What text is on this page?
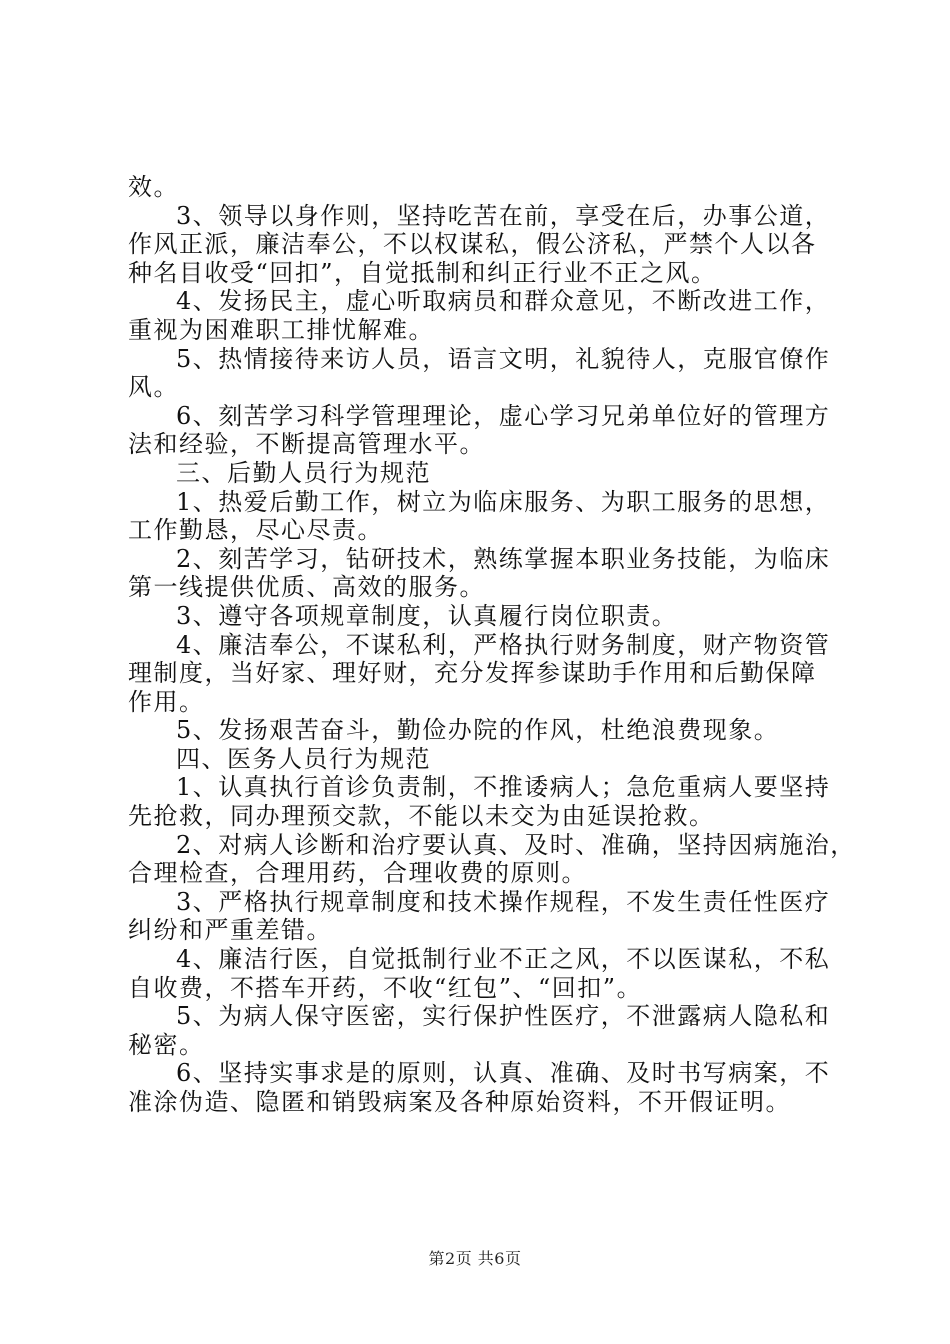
效。
3、领导以身作则，坚持吃苦在前，享受在后，办事公道，
作风正派，廉洁奉公，不以权谋私，假公济私，严禁个人以各
种名目收受“回扣”，自觉抵制和纠正行业不正之风。
4、发扬民主，虚心听取病员和群众意见，不断改进工作，
重视为困难职工排忧解难。
5、热情接待来访人员，语言文明，礼貌待人，克服官僚作
风。
6、刻苦学习科学管理理论，虚心学习兄弟单位好的管理方
法和经验，不断提高管理水平。
三、后勤人员行为规范
1、热爱后勤工作，树立为临床服务、为职工服务的思想，
工作勤恳，尽心尽责。
2、刻苦学习，钻研技术，熟练掌握本职业务技能，为临床
第一线提供优质、高效的服务。
3、遵守各项规章制度，认真履行岗位职责。
4、廉洁奉公，不谋私利，严格执行财务制度，财产物资管
理制度，当好家、理好财，充分发挥参谋助手作用和后勤保障
作用。
5、发扬艰苦奋斗，勤俭办院的作风，杜绝浪费现象。
四、医务人员行为规范
1、认真执行首诊负责制，不推诿病人；急危重病人要坚持
先抢救，同办理预交款，不能以未交为由延误抢救。
2、对病人诊断和治疗要认真、及时、准确，坚持因病施治，
合理检查，合理用药，合理收费的原则。
3、严格执行规章制度和技术操作规程，不发生责任性医疗
纠纷和严重差错。
4、廉洁行医，自觉抵制行业不正之风，不以医谋私，不私
自收费，不搭车开药，不收“红包”、“回扣”。
5、为病人保守医密，实行保护性医疗，不泄露病人隐私和
秘密。
6、坚持实事求是的原则，认真、准确、及时书写病案，不
准涂伪造、隐匿和销毁病案及各种原始资料，不开假证明。
第2页 共6页
